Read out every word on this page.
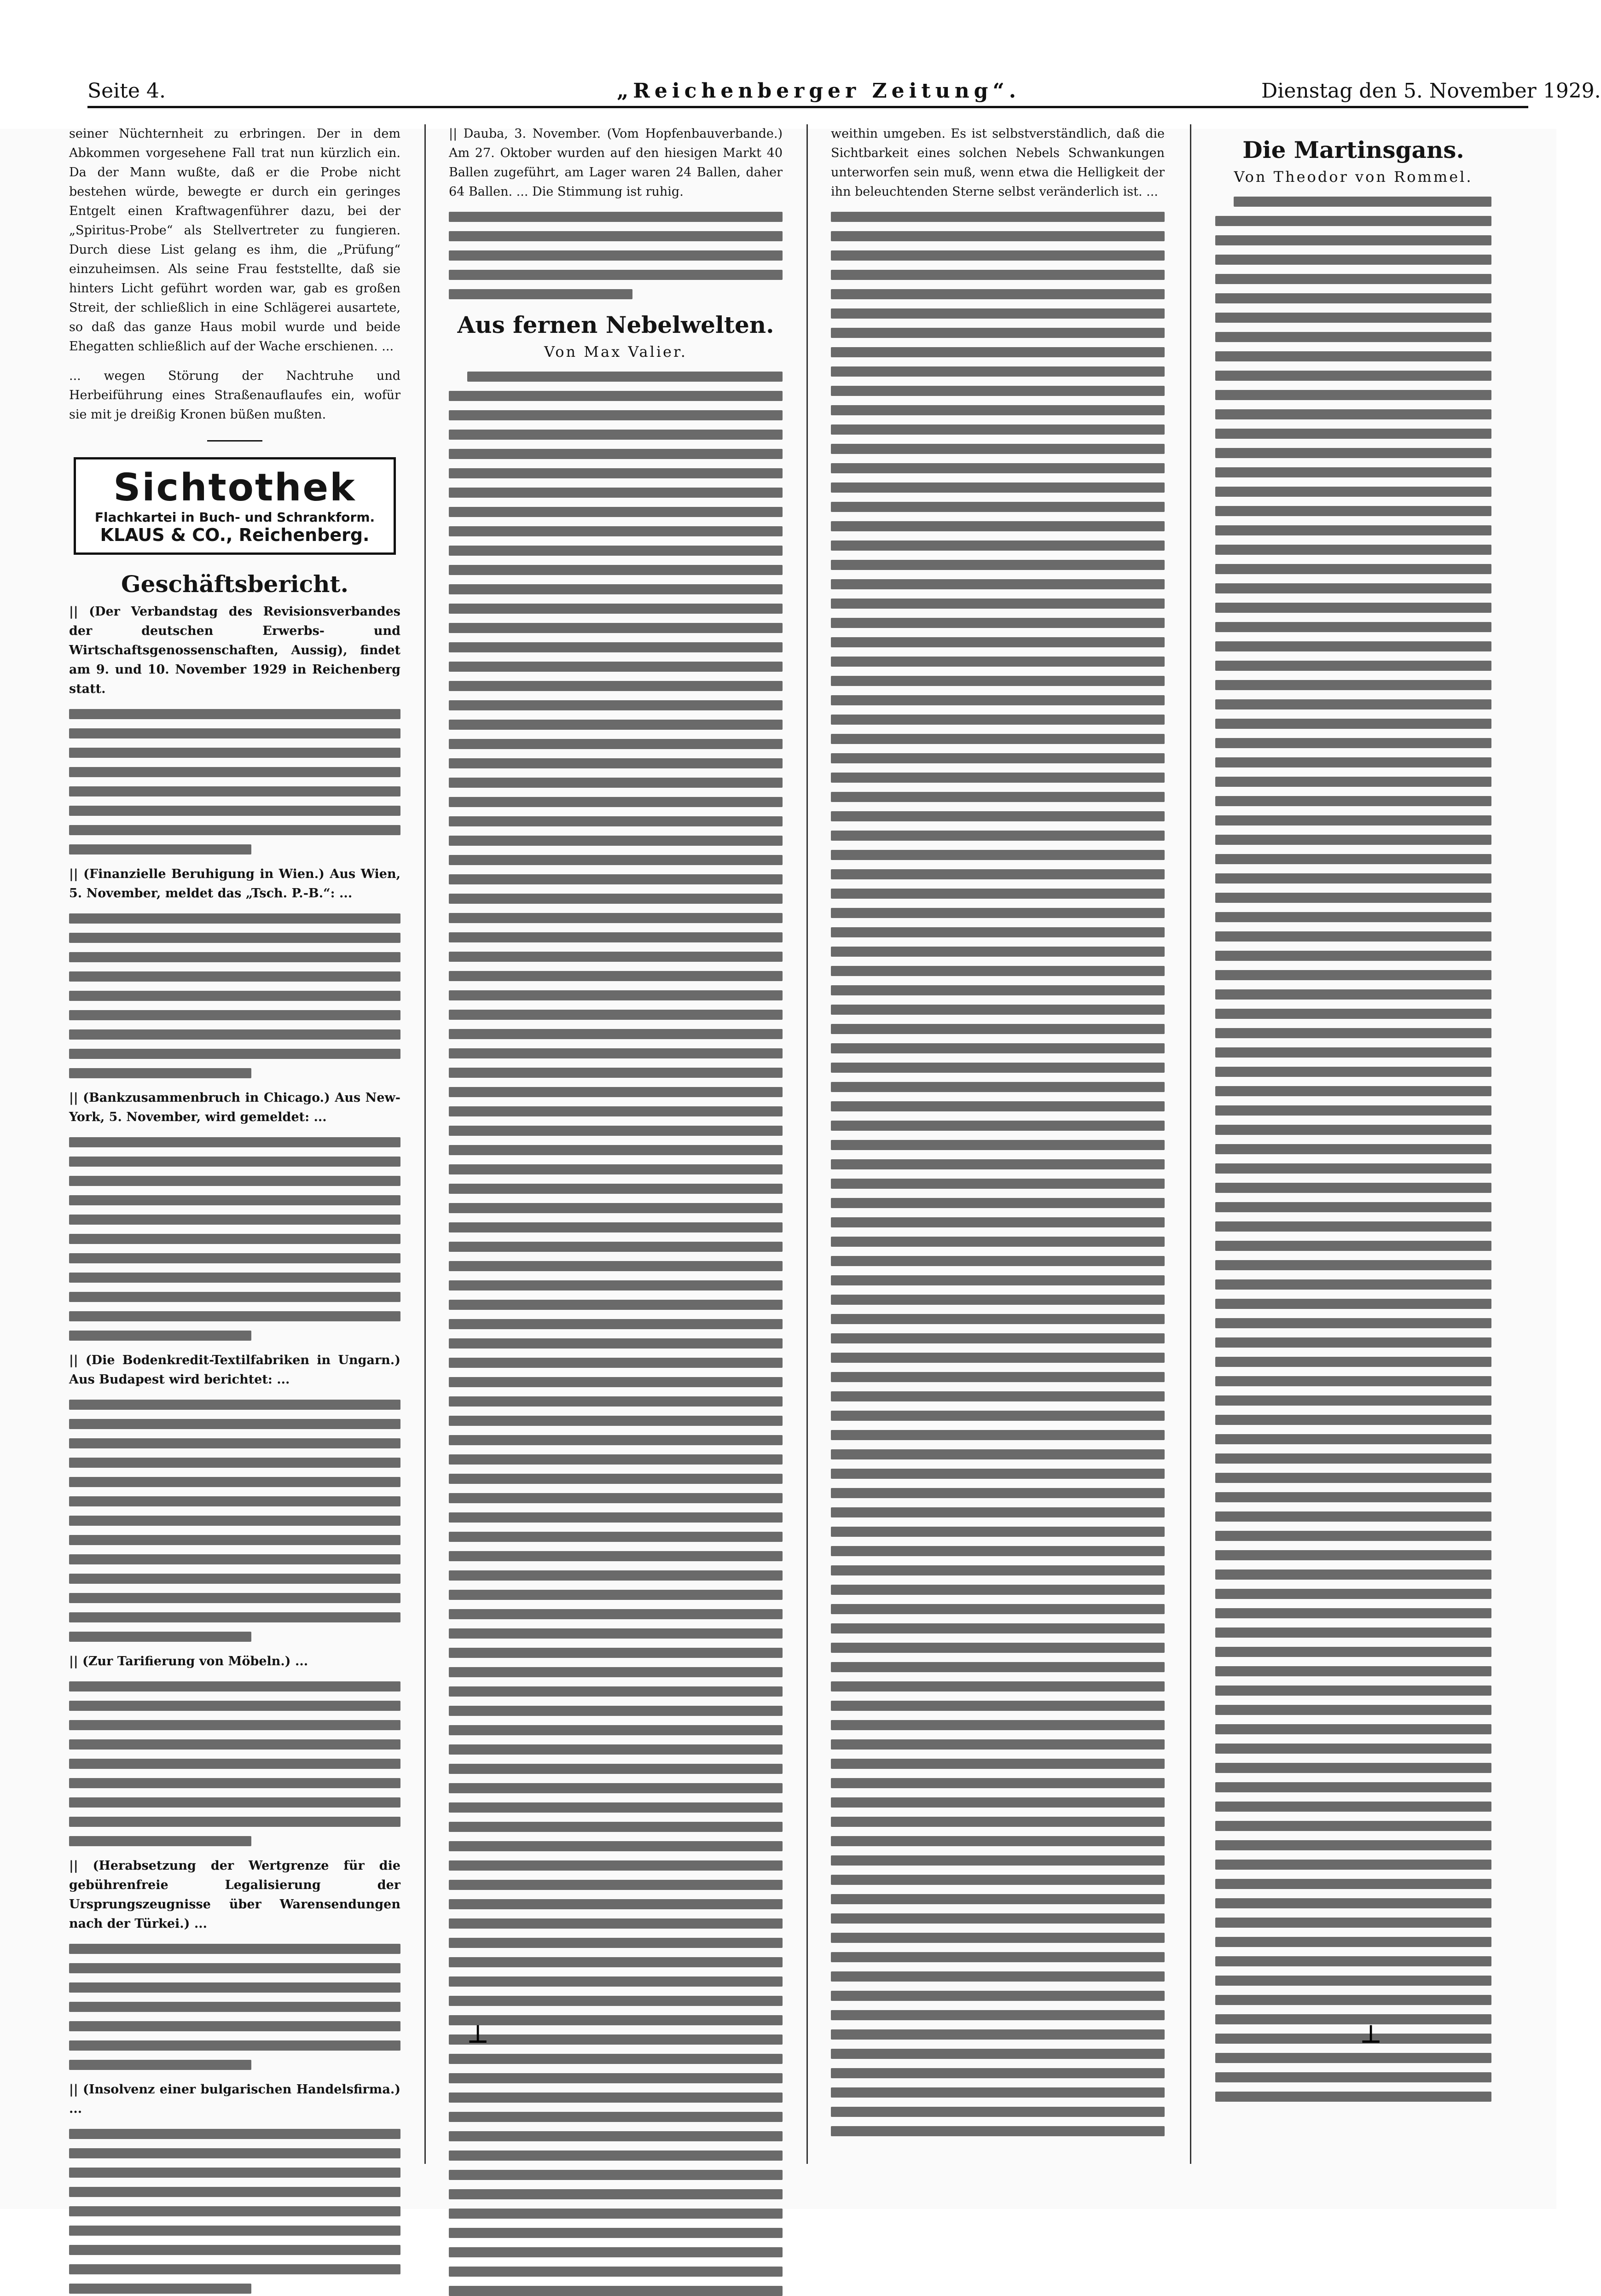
Seite 4.	„Reichenberger Zeitung“.	Dienstag den 5. November 1929.

seiner Nüchternheit zu erbringen. Der in dem Abkommen vorgesehene Fall trat nun kürzlich ein. Da der Mann wußte, daß er die Probe nicht bestehen würde, bewegte er durch ein geringes Entgelt einen Kraftwagenführer dazu, bei der „Spiritus-Probe“ als Stellvertreter zu fungieren. Durch diese List gelang es ihm, die „Prüfung“ einzuheimsen. Als seine Frau feststellte, daß sie hinters Licht geführt worden war, gab es großen Streit, der schließlich in eine Schlägerei ausartete, so daß das ganze Haus mobil wurde und beide Ehegatten schließlich auf der Wache erschienen. ...

... wegen Störung der Nachtruhe und Herbeiführung eines Straßenauflaufes ein, wofür sie mit je dreißig Kronen büßen mußten.

Sichtothek
Flachkartei in Buch- und Schrankform.
KLAUS & CO., Reichenberg.
Geschäftsbericht.

|| (Der Verbandstag des Revisionsverbandes der deutschen Erwerbs- und Wirtschaftsgenossenschaften, Aussig), findet am 9. und 10. November 1929 in Reichenberg statt.

|| (Finanzielle Beruhigung in Wien.) Aus Wien, 5. November, meldet das „Tsch. P.-B.“: ...

|| (Bankzusammenbruch in Chicago.) Aus New-York, 5. November, wird gemeldet: ...

|| (Die Bodenkredit-Textilfabriken in Ungarn.) Aus Budapest wird berichtet: ...

|| (Zur Tarifierung von Möbeln.) ...

|| (Herabsetzung der Wertgrenze für die gebührenfreie Legalisierung der Ursprungszeugnisse über Warensendungen nach der Türkei.) ...

|| (Insolvenz einer bulgarischen Handelsfirma.) ...

|| Dauba, 3. November. (Vom Hopfenbauverbande.) Am 27. Oktober wurden auf den hiesigen Markt 40 Ballen zugeführt, am Lager waren 24 Ballen, daher 64 Ballen. ... Die Stimmung ist ruhig.

Aus fernen Nebelwelten.
Von Max Valier.

weithin umgeben. Es ist selbstverständlich, daß die Sichtbarkeit eines solchen Nebels Schwankungen unterworfen sein muß, wenn etwa die Helligkeit der ihn beleuchtenden Sterne selbst veränderlich ist. ...

Die Martinsgans.
Von Theodor von Rommel.
┴	┴
